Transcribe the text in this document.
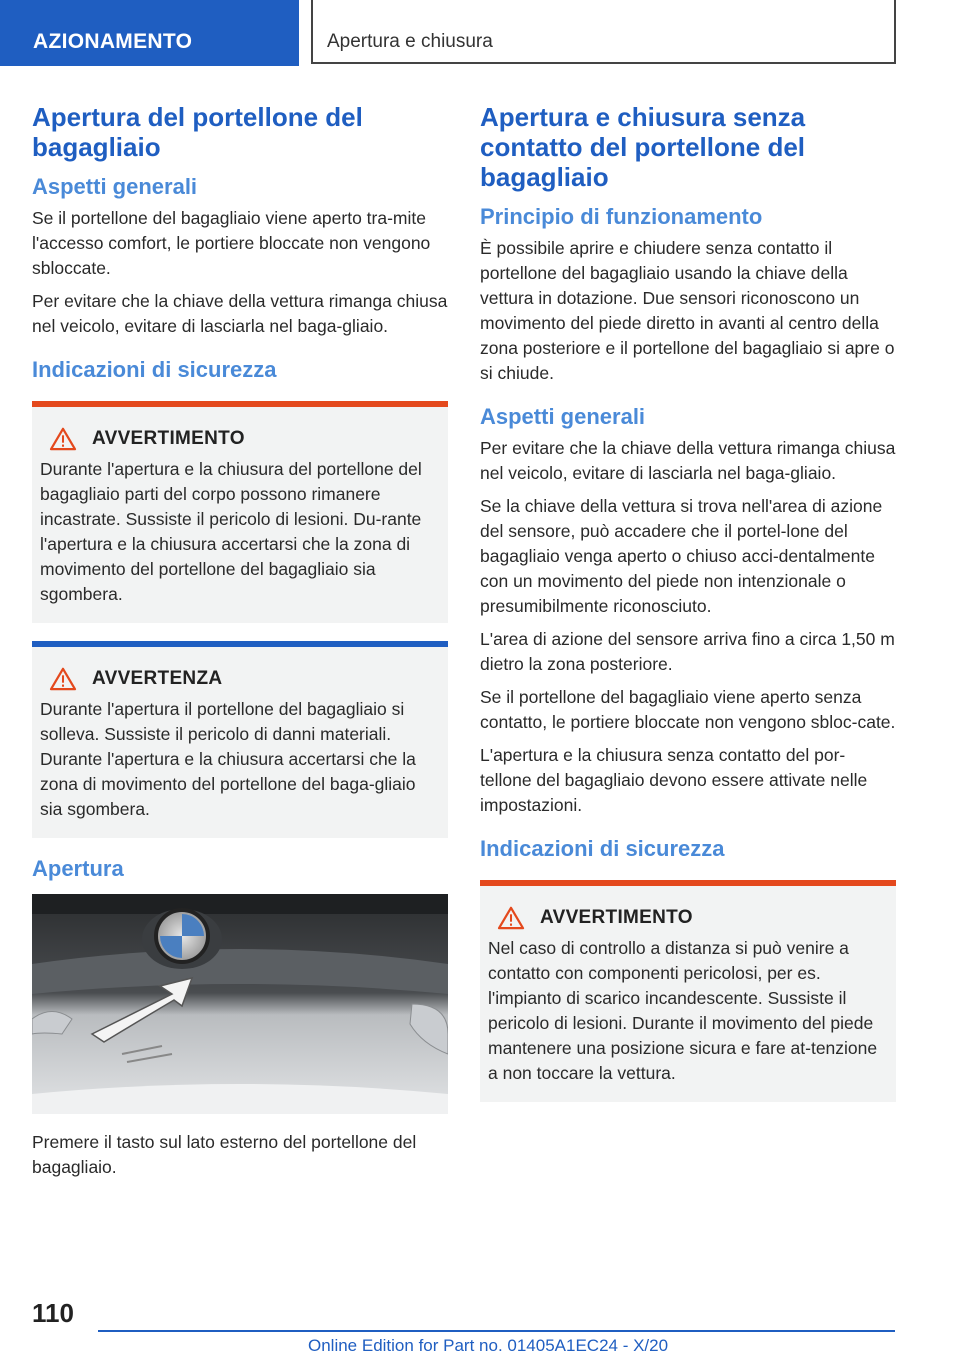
AZIONAMENTO	Apertura e chiusura
Apertura del portellone del bagagliaio
Aspetti generali

Se il portellone del bagagliaio viene aperto tra-mite l'accesso comfort, le portiere bloccate non vengono sbloccate.

Per evitare che la chiave della vettura rimanga chiusa nel veicolo, evitare di lasciarla nel baga-gliaio.

Indicazioni di sicurezza
AVVERTIMENTO

Durante l'apertura e la chiusura del portellone del bagagliaio parti del corpo possono rimanere incastrate. Sussiste il pericolo di lesioni. Du-rante l'apertura e la chiusura accertarsi che la zona di movimento del portellone del bagagliaio sia sgombera.

AVVERTENZA

Durante l'apertura il portellone del bagagliaio si solleva. Sussiste il pericolo di danni materiali. Durante l'apertura e la chiusura accertarsi che la zona di movimento del portellone del baga-gliaio sia sgombera.

Apertura

Premere il tasto sul lato esterno del portellone del bagagliaio.

Apertura e chiusura senza contatto del portellone del bagagliaio
Principio di funzionamento

È possibile aprire e chiudere senza contatto il portellone del bagagliaio usando la chiave della vettura in dotazione. Due sensori riconoscono un movimento del piede diretto in avanti al centro della zona posteriore e il portellone del bagagliaio si apre o si chiude.

Aspetti generali

Per evitare che la chiave della vettura rimanga chiusa nel veicolo, evitare di lasciarla nel baga-gliaio.

Se la chiave della vettura si trova nell'area di azione del sensore, può accadere che il portel-lone del bagagliaio venga aperto o chiuso acci-dentalmente con un movimento del piede non intenzionale o presumibilmente riconosciuto.

L'area di azione del sensore arriva fino a circa 1,50 m dietro la zona posteriore.

Se il portellone del bagagliaio viene aperto senza contatto, le portiere bloccate non vengono sbloc-cate.

L'apertura e la chiusura senza contatto del por-tellone del bagagliaio devono essere attivate nelle impostazioni.

Indicazioni di sicurezza
AVVERTIMENTO

Nel caso di controllo a distanza si può venire a contatto con componenti pericolosi, per es. l'impianto di scarico incandescente. Sussiste il pericolo di lesioni. Durante il movimento del piede mantenere una posizione sicura e fare at-tenzione a non toccare la vettura.

110
Online Edition for Part no. 01405A1EC24 - X/20
